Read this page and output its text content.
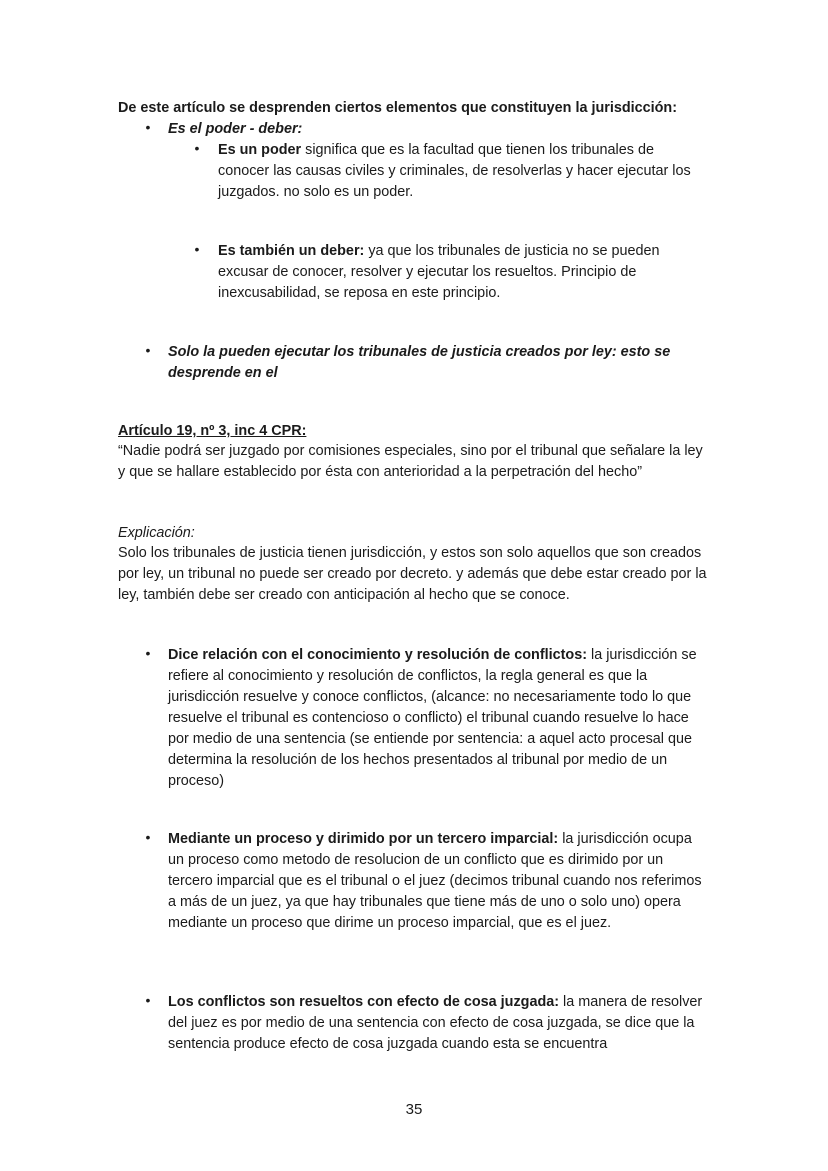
De este artículo se desprenden ciertos elementos que constituyen la jurisdicción:
•	Es el poder - deber:
•	Es un poder significa que es la facultad que tienen los tribunales de conocer las causas civiles y criminales, de resolverlas y hacer ejecutar los juzgados. no solo es un poder.
•	Es también un deber: ya que los tribunales de justicia no se pueden excusar de conocer, resolver y ejecutar los resueltos. Principio de inexcusabilidad, se reposa en este principio.
•	Solo la pueden ejecutar los tribunales de justicia creados por ley: esto se desprende en el
Artículo 19, nº 3, inc 4 CPR:
“Nadie podrá ser juzgado por comisiones especiales, sino por el tribunal que señalare la ley y que se hallare establecido por ésta con anterioridad a la perpetración del hecho”
Explicación:
Solo los tribunales de justicia tienen jurisdicción, y estos son solo aquellos que son creados por ley, un tribunal no puede ser creado por decreto. y además que debe estar creado por la ley, también debe ser creado con anticipación al hecho que se conoce.
•	Dice relación con el conocimiento y resolución de conflictos: la jurisdicción se refiere al conocimiento y resolución de conflictos, la regla general es que la jurisdicción resuelve y conoce conflictos, (alcance: no necesariamente todo lo que resuelve el tribunal es contencioso o conflicto) el tribunal cuando resuelve lo hace por medio de una sentencia (se entiende por sentencia: a aquel acto procesal que determina la resolución de los hechos presentados al tribunal por medio de un proceso)
•	Mediante un proceso y dirimido por un tercero imparcial: la jurisdicción ocupa un proceso como metodo de resolucion de un conflicto que es dirimido por un tercero imparcial que es el tribunal o el juez (decimos tribunal cuando nos referimos a más de un juez, ya que hay tribunales que tiene más de uno o solo uno) opera mediante un proceso que dirime un proceso imparcial, que es el juez.
•	Los conflictos son resueltos con efecto de cosa juzgada: la manera de resolver del juez es por medio de una sentencia con efecto de cosa juzgada, se dice que la sentencia produce efecto de cosa juzgada cuando esta se encuentra
35
